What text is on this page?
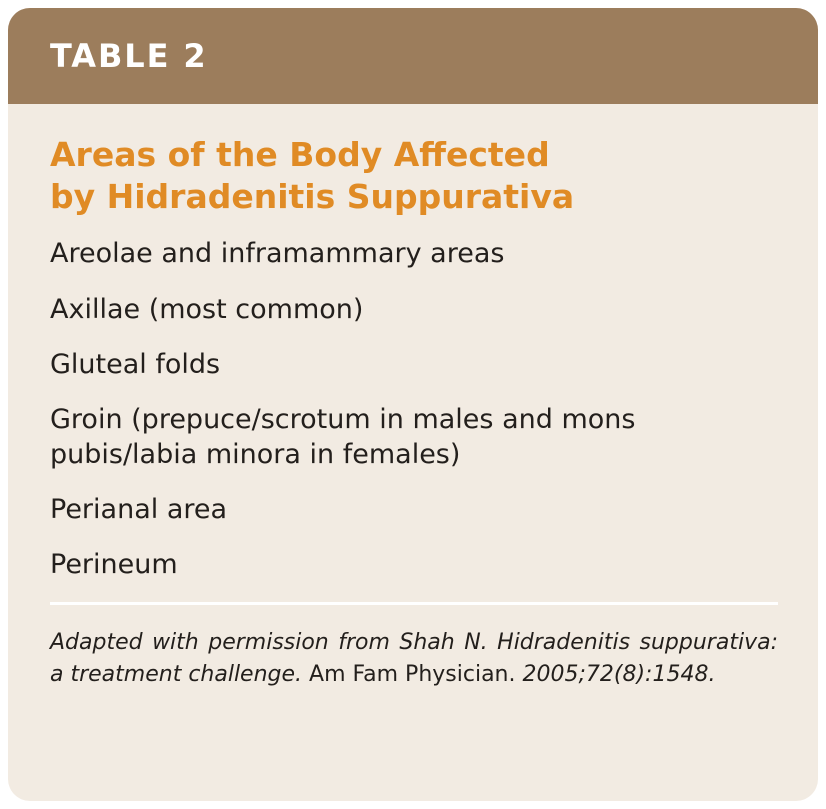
TABLE 2
Areas of the Body Affected
by Hidradenitis Suppurativa
Areolae and inframammary areas
Axillae (most common)
Gluteal folds
Groin (prepuce/scrotum in males and mons pubis/labia minora in females)
Perianal area
Perineum

Adapted with permission from Shah N. Hidradenitis suppurativa: a treatment challenge. Am Fam Physician. 2005;72(8):1548.
